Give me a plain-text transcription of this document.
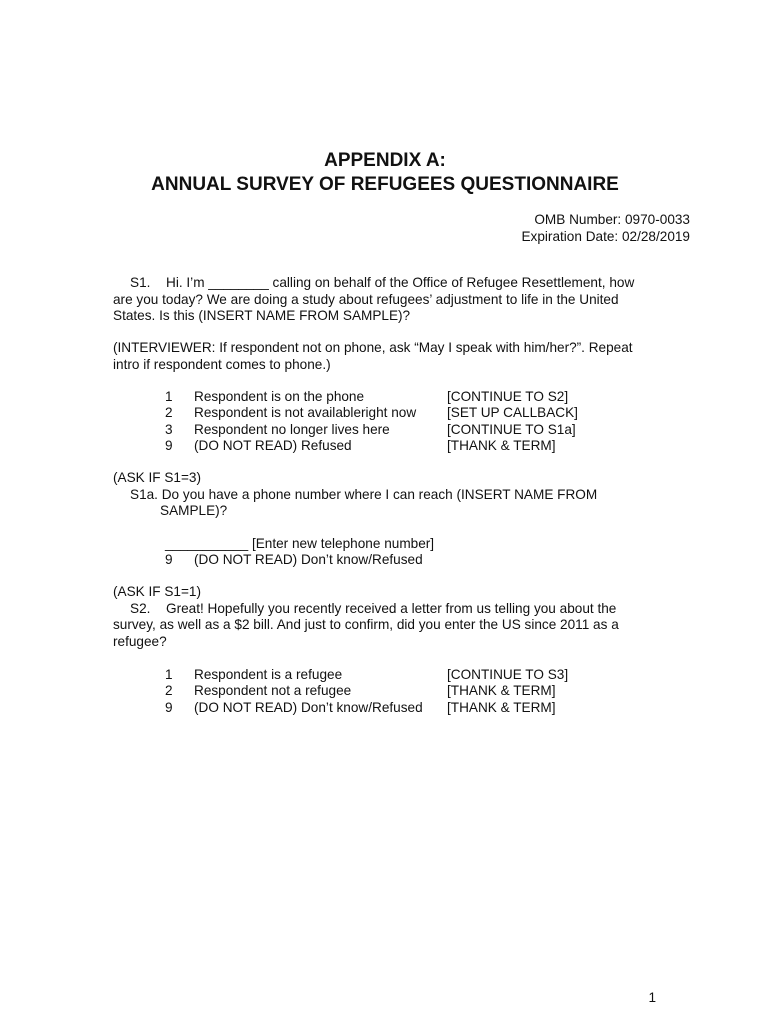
APPENDIX A:
ANNUAL SURVEY OF REFUGEES QUESTIONNAIRE
OMB Number: 0970-0033
Expiration Date: 02/28/2019
S1. Hi. I’m ________ calling on behalf of the Office of Refugee Resettlement, how
are you today? We are doing a study about refugees’ adjustment to life in the United
States. Is this (INSERT NAME FROM SAMPLE)?
(INTERVIEWER: If respondent not on phone, ask “May I speak with him/her?”. Repeat
intro if respondent comes to phone.)
1 Respondent is on the phone	[CONTINUE TO S2]
2 Respondent is not availableright now [SET UP CALLBACK]
3 Respondent no longer lives here	[CONTINUE TO S1a]
9 (DO NOT READ) Refused	[THANK & TERM]
(ASK IF S1=3)
S1a. Do you have a phone number where I can reach (INSERT NAME FROM
SAMPLE)?
___________ [Enter new telephone number]
9 (DO NOT READ) Don’t know/Refused
(ASK IF S1=1)
S2. Great! Hopefully you recently received a letter from us telling you about the
survey, as well as a $2 bill. And just to confirm, did you enter the US since 2011 as a
refugee?
1 Respondent is a refugee	[CONTINUE TO S3]
2 Respondent not a refugee	[THANK & TERM]
9 (DO NOT READ) Don’t know/Refused [THANK & TERM]
1
